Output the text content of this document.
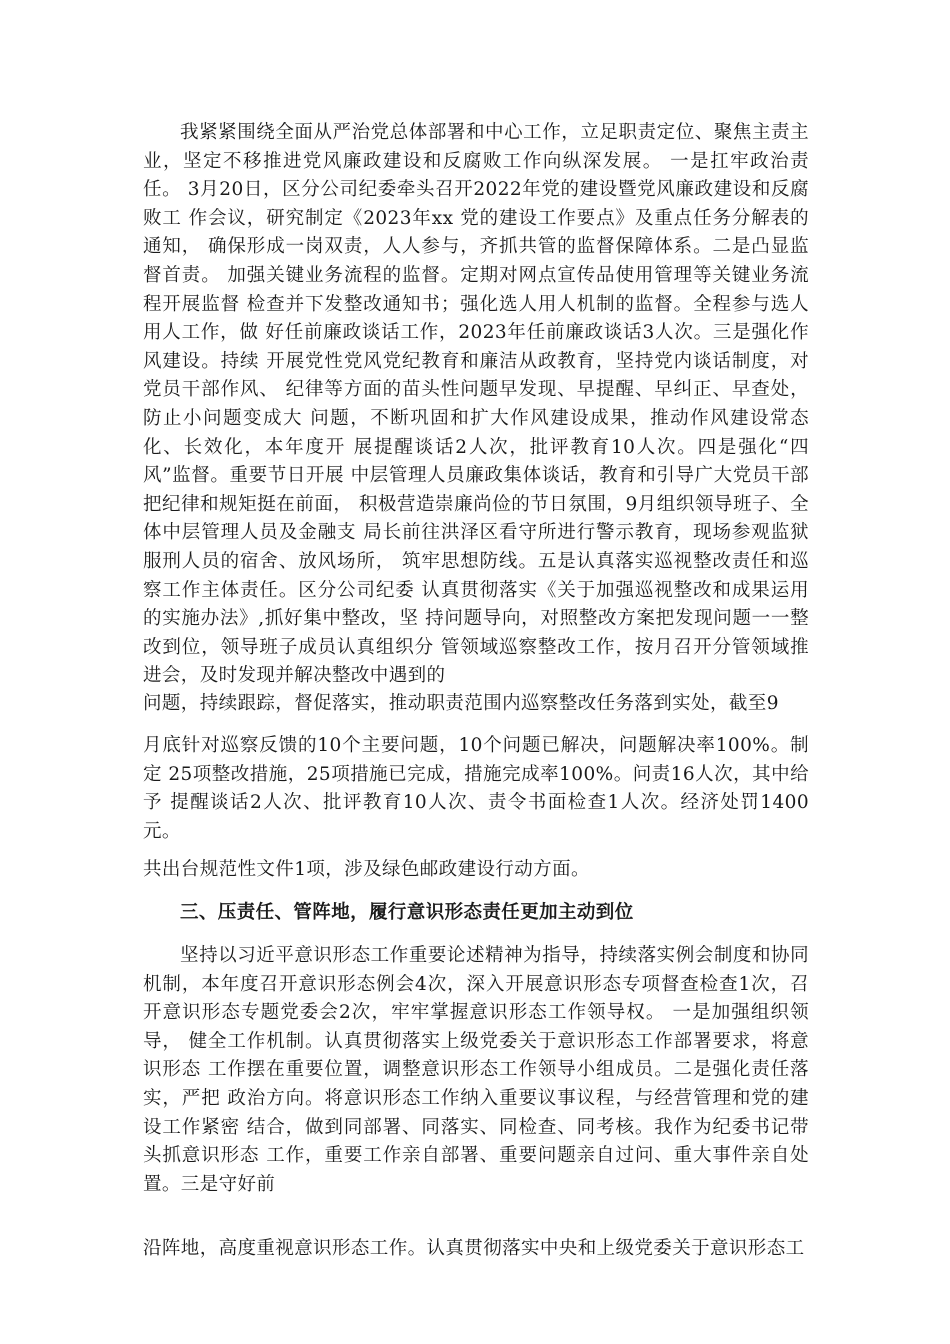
我紧紧围绕全面从严治党总体部署和中心工作，立足职责定位、聚焦主责主业，坚定不移推进党风廉政建设和反腐败工作向纵深发展。 一是扛牢政治责任。 3月20日，区分公司纪委牵头召开2022年党的建设暨党风廉政建设和反腐败工 作会议，研究制定《2023年xx 党的建设工作要点》及重点任务分解表的通知， 确保形成一岗双责，人人参与，齐抓共管的监督保障体系。二是凸显监督首责。 加强关键业务流程的监督。定期对网点宣传品使用管理等关键业务流程开展监督 检查并下发整改通知书；强化选人用人机制的监督。全程参与选人用人工作，做 好任前廉政谈话工作，2023年任前廉政谈话3人次。三是强化作风建设。持续 开展党性党风党纪教育和廉洁从政教育，坚持党内谈话制度，对党员干部作风、 纪律等方面的苗头性问题早发现、早提醒、早纠正、早查处，防止小问题变成大 问题，不断巩固和扩大作风建设成果，推动作风建设常态化、长效化，本年度开 展提醒谈话2人次，批评教育10人次。四是强化“四风”监督。重要节日开展 中层管理人员廉政集体谈话，教育和引导广大党员干部把纪律和规矩挺在前面， 积极营造崇廉尚俭的节日氛围，9月组织领导班子、全体中层管理人员及金融支 局长前往洪泽区看守所进行警示教育，现场参观监狱服刑人员的宿舍、放风场所， 筑牢思想防线。五是认真落实巡视整改责任和巡察工作主体责任。区分公司纪委 认真贯彻落实《关于加强巡视整改和成果运用的实施办法》,抓好集中整改，坚 持问题导向，对照整改方案把发现问题一一整改到位，领导班子成员认真组织分 管领域巡察整改工作，按月召开分管领域推进会，及时发现并解决整改中遇到的

问题，持续跟踪，督促落实，推动职责范围内巡察整改任务落到实处，截至9

月底针对巡察反馈的10个主要问题，10个问题已解决，问题解决率100%。制定 25项整改措施，25项措施已完成，措施完成率100%。问责16人次，其中给予 提醒谈话2人次、批评教育10人次、责令书面检查1人次。经济处罚1400元。

共出台规范性文件1项，涉及绿色邮政建设行动方面。

三、压责任、管阵地，履行意识形态责任更加主动到位

坚持以习近平意识形态工作重要论述精神为指导，持续落实例会制度和协同机制，本年度召开意识形态例会4次，深入开展意识形态专项督查检查1次，召 开意识形态专题党委会2次，牢牢掌握意识形态工作领导权。 一是加强组织领导， 健全工作机制。认真贯彻落实上级党委关于意识形态工作部署要求，将意识形态 工作摆在重要位置，调整意识形态工作领导小组成员。二是强化责任落实，严把 政治方向。将意识形态工作纳入重要议事议程，与经营管理和党的建设工作紧密 结合，做到同部署、同落实、同检查、同考核。我作为纪委书记带头抓意识形态 工作，重要工作亲自部署、重要问题亲自过问、重大事件亲自处置。三是守好前

沿阵地，高度重视意识形态工作。认真贯彻落实中央和上级党委关于意识形态工
